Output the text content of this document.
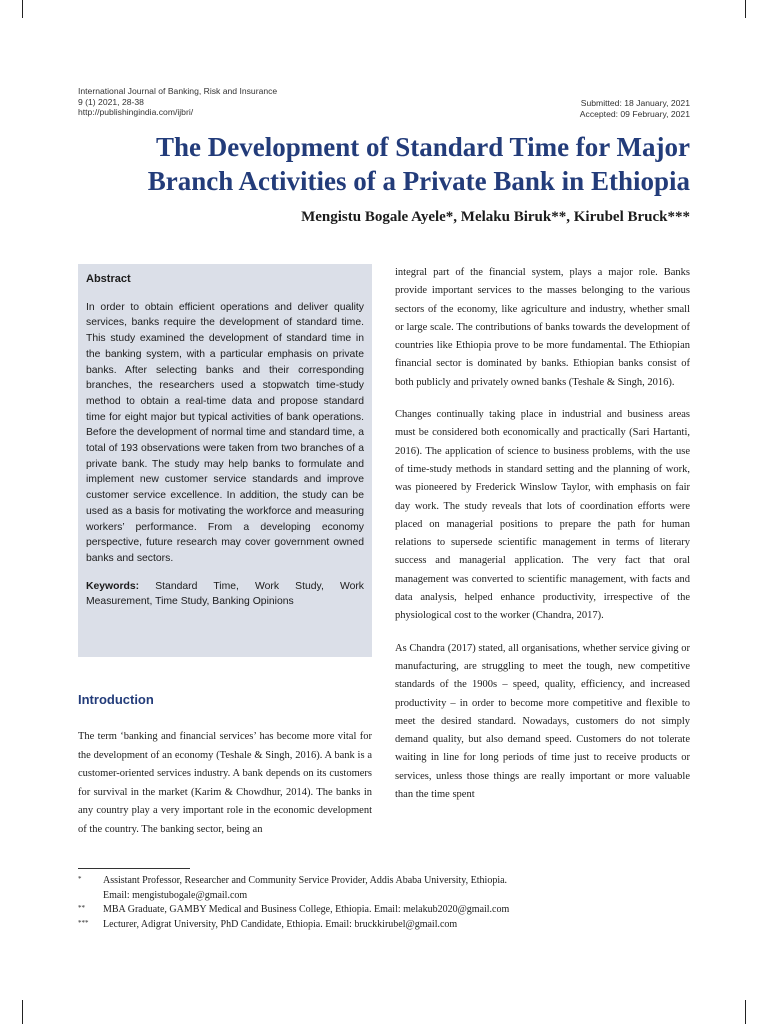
International Journal of Banking, Risk and Insurance
9 (1) 2021, 28-38
http://publishingindia.com/ijbri/
Submitted: 18 January, 2021
Accepted: 09 February, 2021
The Development of Standard Time for Major
Branch Activities of a Private Bank in Ethiopia
Mengistu Bogale Ayele*, Melaku Biruk**, Kirubel Bruck***
Abstract

In order to obtain efficient operations and deliver quality services, banks require the development of standard time. This study examined the development of standard time in the banking system, with a particular emphasis on private banks. After selecting banks and their corresponding branches, the researchers used a stopwatch time-study method to obtain a real-time data and propose standard time for eight major but typical activities of bank operations. Before the development of normal time and standard time, a total of 193 observations were taken from two branches of a private bank. The study may help banks to formulate and implement new customer service standards and improve customer service excellence. In addition, the study can be used as a basis for motivating the workforce and measuring workers’ performance. From a developing economy perspective, future research may cover government owned banks and sectors.

Keywords: Standard Time, Work Study, Work Measurement, Time Study, Banking Opinions

Introduction

The term ‘banking and financial services’ has become more vital for the development of an economy (Teshale & Singh, 2016). A bank is a customer-oriented services industry. A bank depends on its customers for survival in the market (Karim & Chowdhur, 2014). The banks in any country play a very important role in the economic development of the country. The banking sector, being an

integral part of the financial system, plays a major role. Banks provide important services to the masses belonging to the various sectors of the economy, like agriculture and industry, whether small or large scale. The contributions of banks towards the development of countries like Ethiopia prove to be more fundamental. The Ethiopian financial sector is dominated by banks. Ethiopian banks consist of both publicly and privately owned banks (Teshale & Singh, 2016).

Changes continually taking place in industrial and business areas must be considered both economically and practically (Sari Hartanti, 2016). The application of science to business problems, with the use of time-study methods in standard setting and the planning of work, was pioneered by Frederick Winslow Taylor, with emphasis on fair day work. The study reveals that lots of coordination efforts were placed on managerial positions to prepare the path for human relations to supersede scientific management in terms of literary success and managerial application. The very fact that oral management was converted to scientific management, with facts and data analysis, helped enhance productivity, irrespective of the physiological cost to the worker (Chandra, 2017).

As Chandra (2017) stated, all organisations, whether service giving or manufacturing, are struggling to meet the tough, new competitive standards of the 1900s – speed, quality, efficiency, and increased productivity – in order to become more competitive and flexible to meet the desired standard. Nowadays, customers do not simply demand quality, but also demand speed. Customers do not tolerate waiting in line for long periods of time just to receive products or services, unless those things are really important or more valuable than the time spent

*	Assistant Professor, Researcher and Community Service Provider, Addis Ababa University, Ethiopia.
Email: mengistubogale@gmail.com
**	MBA Graduate, GAMBY Medical and Business College, Ethiopia. Email: melakub2020@gmail.com
***	Lecturer, Adigrat University, PhD Candidate, Ethiopia. Email: bruckkirubel@gmail.com
